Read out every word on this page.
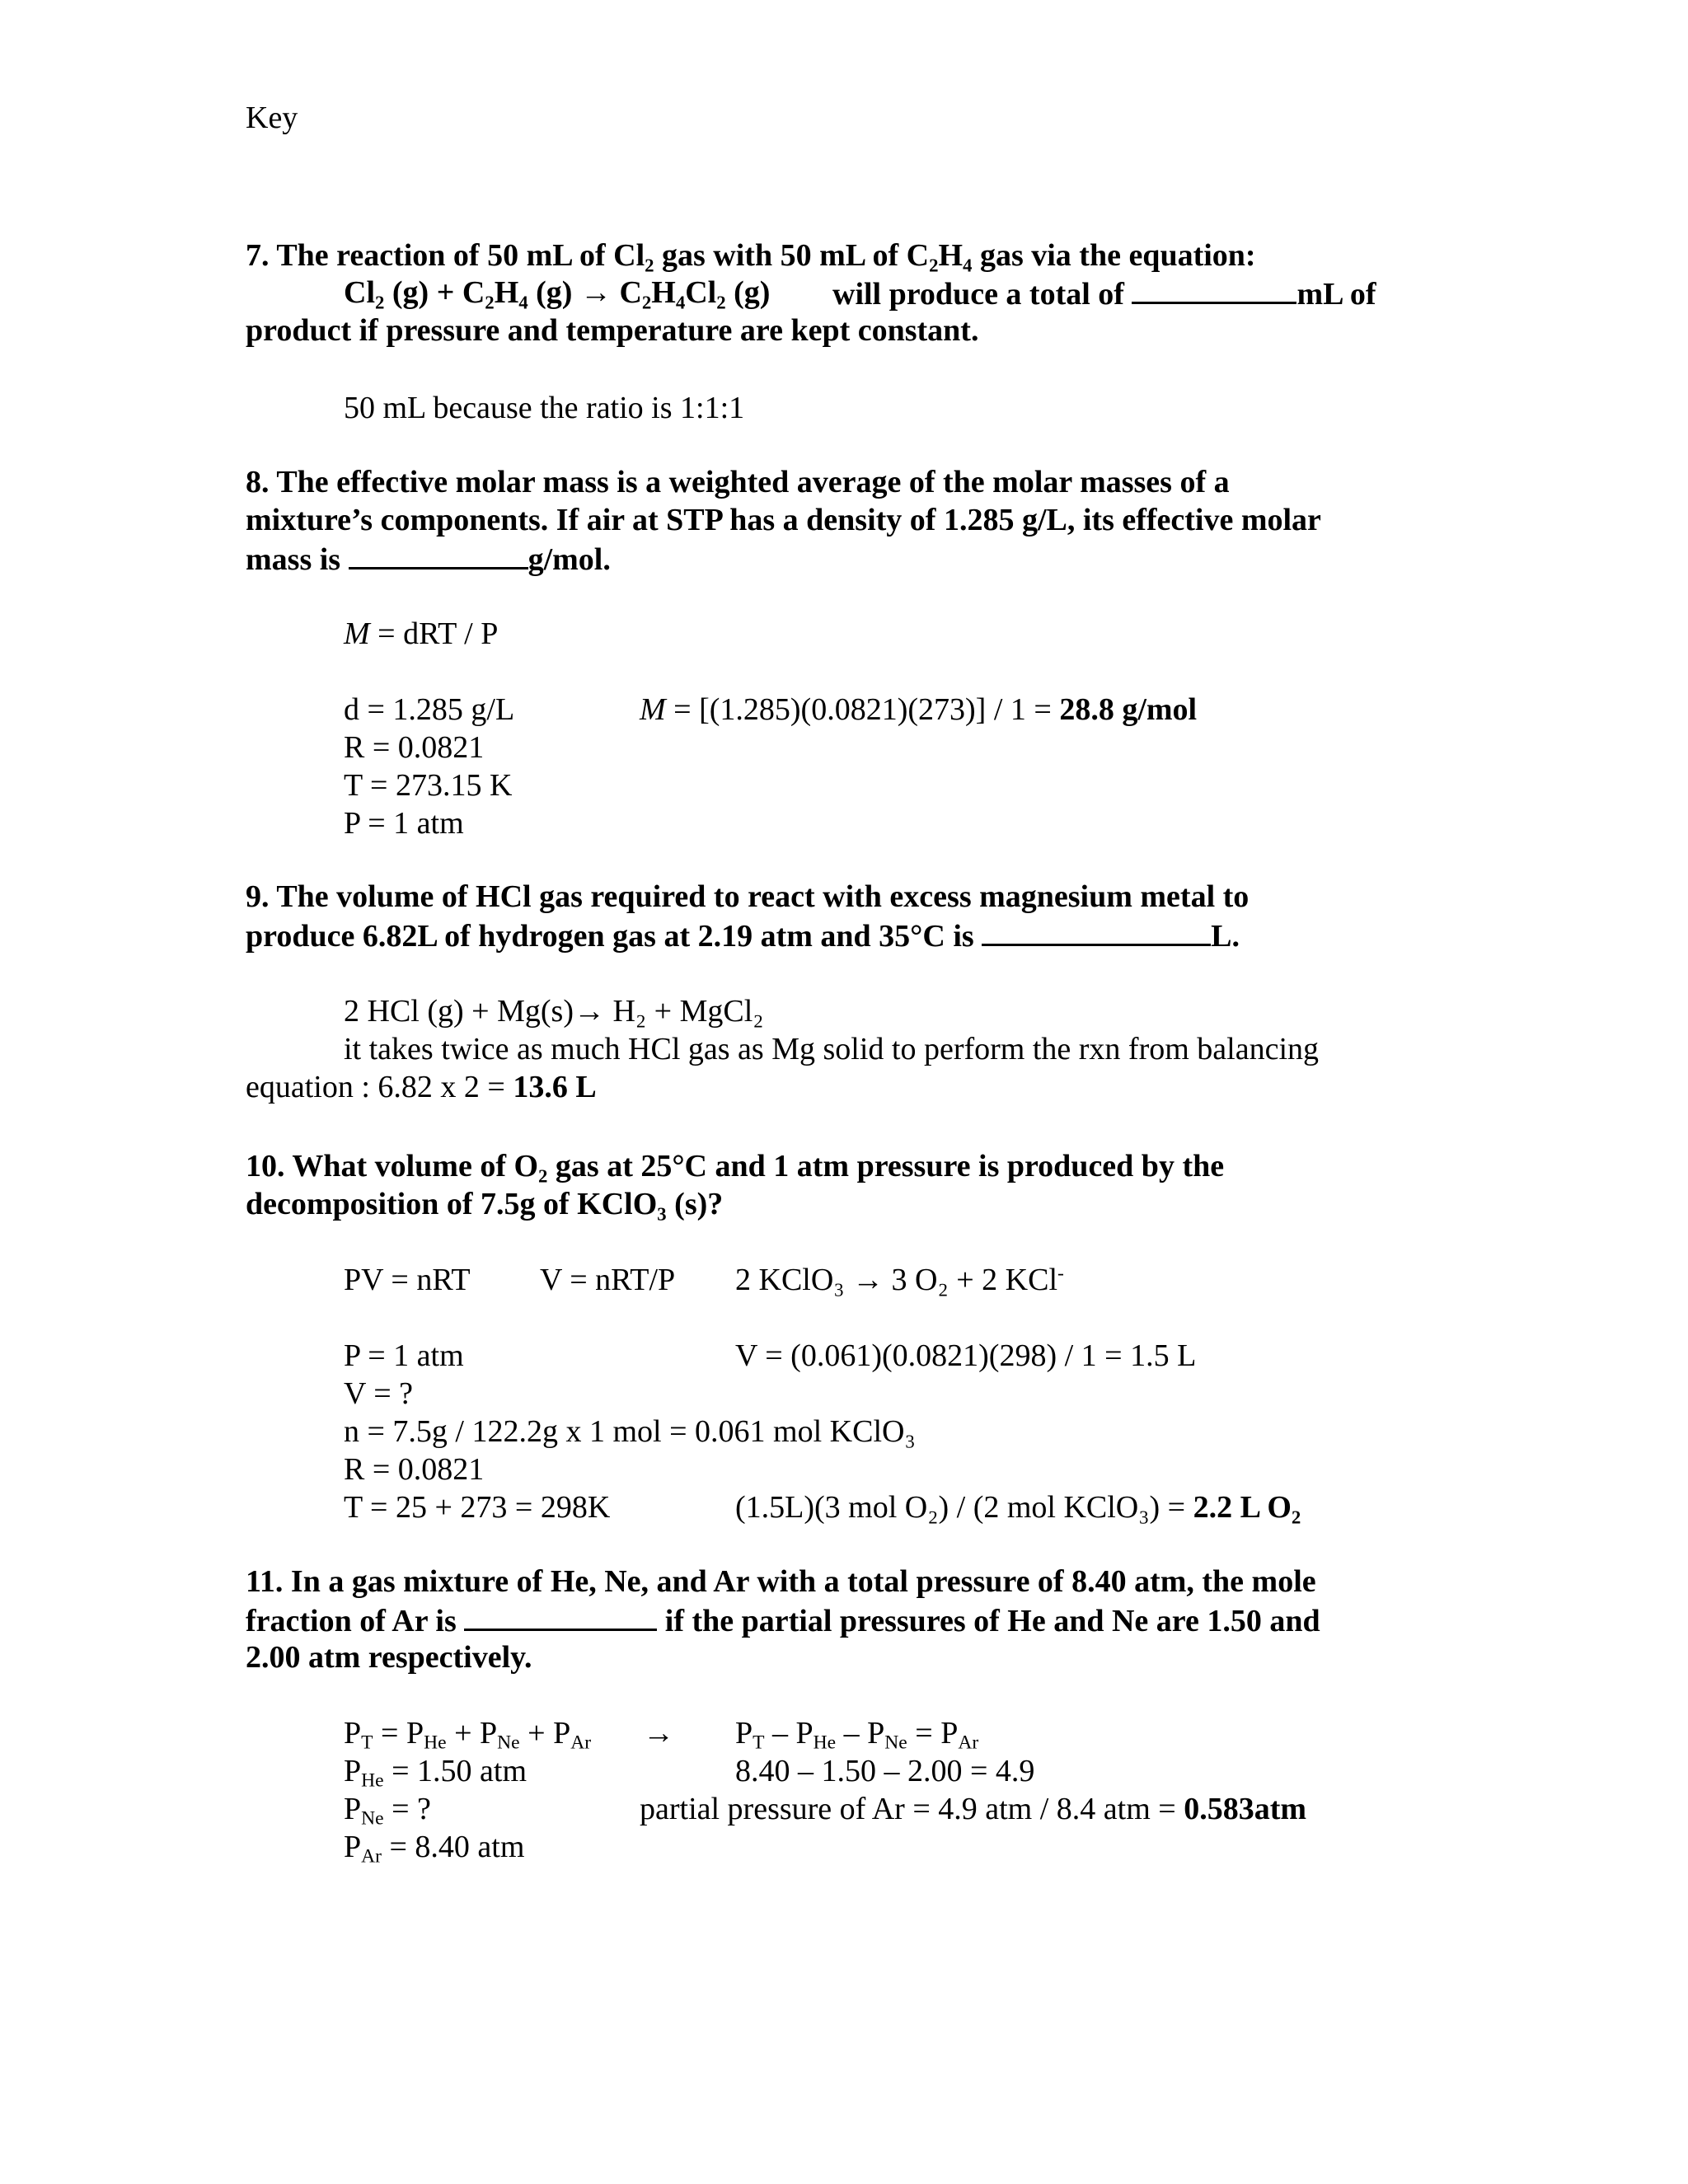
Key
7. The reaction of 50 mL of Cl₂ gas with 50 mL of C₂H₄ gas via the equation:
Cl₂ (g) + C₂H₄ (g) → C₂H₄Cl₂ (g) will produce a total of	mL of
product if pressure and temperature are kept constant.
50 mL because the ratio is 1:1:1
8. The effective molar mass is a weighted average of the molar masses of a
mixture’s components. If air at STP has a density of 1.285 g/L, its effective molar
mass is	g/mol.
M = dRT / P
d = 1.285 g/L
R = 0.0821
T = 273.15 K
P = 1 atm
M = [(1.285)(0.0821)(273)] / 1 = 28.8 g/mol
9. The volume of HCl gas required to react with excess magnesium metal to
produce 6.82L of hydrogen gas at 2.19 atm and 35°C is	L.
2 HCl (g) + Mg(s)→ H₂ + MgCl₂
it takes twice as much HCl gas as Mg solid to perform the rxn from balancing
equation : 6.82 x 2 = 13.6 L
10. What volume of O₂ gas at 25°C and 1 atm pressure is produced by the
decomposition of 7.5g of KClO₃ (s)?
PV = nRT V = nRT/P 2 KClO₃ → 3 O₂ + 2 KCl-
P = 1 atm	V = (0.061)(0.0821)(298) / 1 = 1.5 L
V = ?
n = 7.5g / 122.2g x 1 mol = 0.061 mol KClO₃
R = 0.0821
T = 25 + 273 = 298K	(1.5L)(3 mol O₂) / (2 mol KClO₃) = 2.2 L O₂
11. In a gas mixture of He, Ne, and Ar with a total pressure of 8.40 atm, the mole
fraction of Ar is	if the partial pressures of He and Ne are 1.50 and
2.00 atm respectively.
$P_T = P_{He} + P_{Ne} + P_{Ar} \to P_T - P_{He} - P_{Ne} = P_{Ar}$
$P_{He} = 1.50$ atm	8.40 – 1.50 – 2.00 = 4.9
$P_{Ne}$ = ?	partial pressure of Ar = 4.9 atm / 8.4 atm = 0.583atm
$P_{Ar} = 8.40$ atm
